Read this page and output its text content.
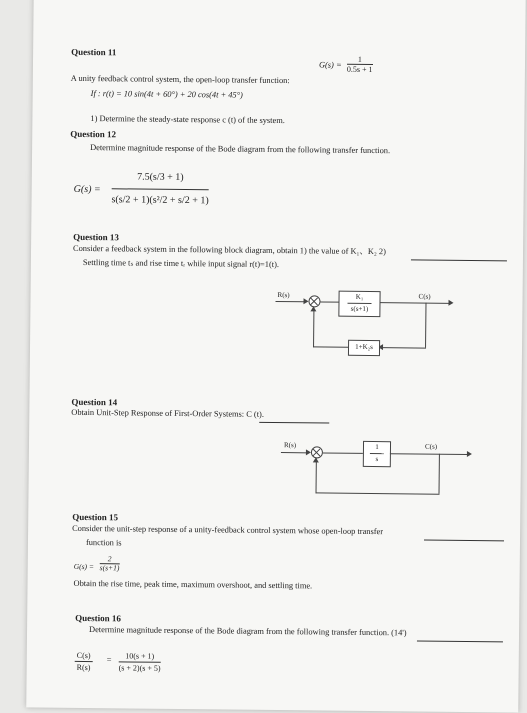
Question 11
$G(s) = \frac{1}{0.5s + 1}$
A unity feedback control system, the open-loop transfer function:
If : r(t) = 10 sin(4t + 60°) + 20 cos(4t + 45°)
1) Determine the steady-state response c (t) of the system.
Question 12
Determine magnitude response of the Bode diagram from the following transfer function.
$G(s) = \frac{7.5(s/3 + 1)}{\text{s(s/2 + 1)(s²/2 + s/2 + 1)}}$
Question 13
Consider a feedback system in the following block diagram, obtain 1) the value of K₁、K₂ 2)
Settling time tₛ and rise time tᵣ while input signal r(t)=1(t).
R(s)	$\frac{\text{K₁}}{s(s+1)}$	C(s)
1+K₂s
Question 14
Obtain Unit-Step Response of First-Order Systems: C (t).
R(s)	$\frac{1}{s}$	C(s)
Question 15
Consider the unit-step response of a unity-feedback control system whose open-loop transfer
function is
$G(s) = \frac{2}{s(s+1)}$
Obtain the rise time, peak time, maximum overshoot, and settling time.
Question 16
Determine magnitude response of the Bode diagram from the following transfer function. (14')
$\frac{C(s)}{R(s)} = \frac{10(s + 1)}{(s + 2)(s + 5)}$
